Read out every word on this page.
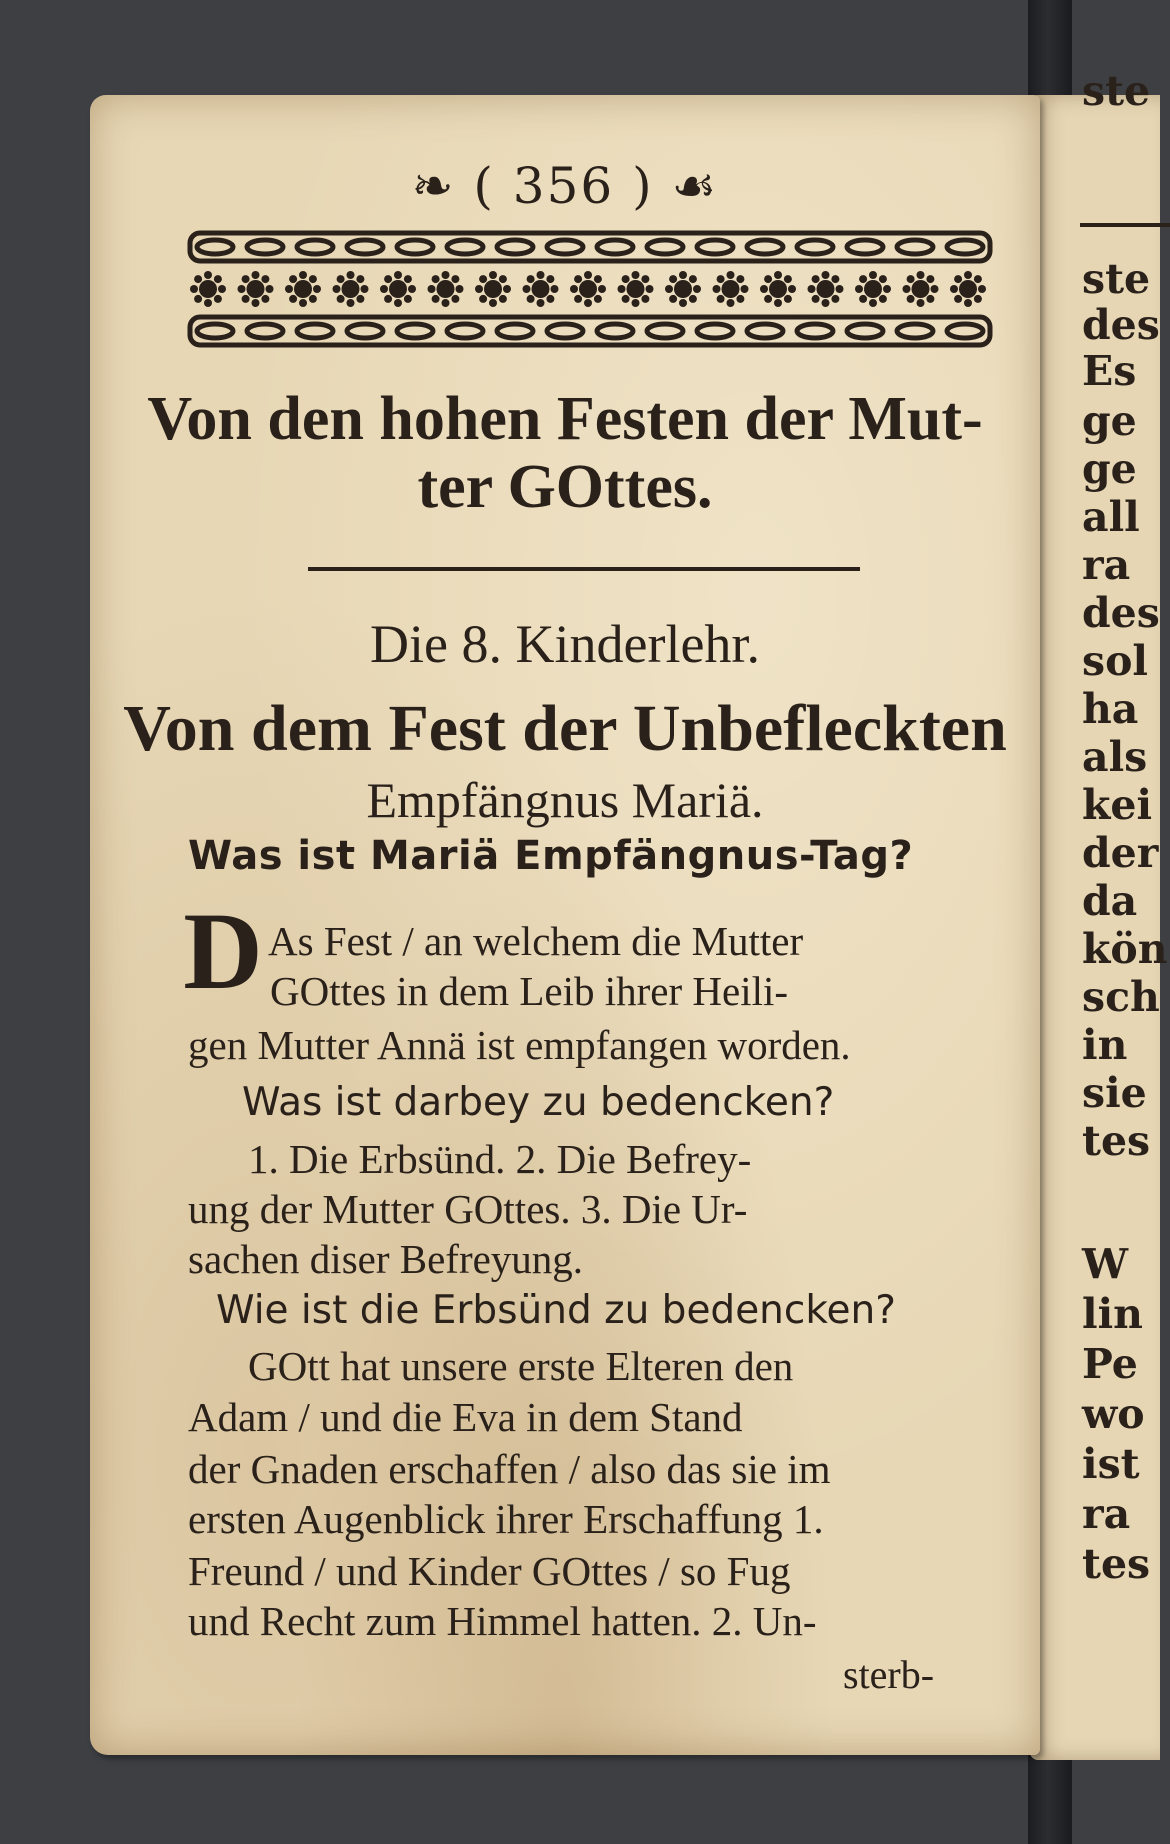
ste
ste
des
Es
ge
ge
all
ra
des
sol
ha
als
kei
der
da
kön
sch
in
sie
tes
W
lin
Pe
wo
ist
ra
tes
❧ ( 356 ) ☙
Von den hohen Festen der Mut-
ter GOttes.
Die 8. Kinderlehr.
Von dem Fest der Unbefleckten
Empfängnus Mariä.
Was ist Mariä Empfängnus-Tag?
D As Fest / an welchem die Mutter
GOttes in dem Leib ihrer Heili-
gen Mutter Annä ist empfangen worden.
Was ist darbey zu bedencken?
1. Die Erbsünd. 2. Die Befrey-
ung der Mutter GOttes. 3. Die Ur-
sachen diser Befreyung.
Wie ist die Erbsünd zu bedencken?
GOtt hat unsere erste Elteren den
Adam / und die Eva in dem Stand
der Gnaden erschaffen / also das sie im
ersten Augenblick ihrer Erschaffung 1.
Freund / und Kinder GOttes / so Fug
und Recht zum Himmel hatten. 2. Un-
sterb-
